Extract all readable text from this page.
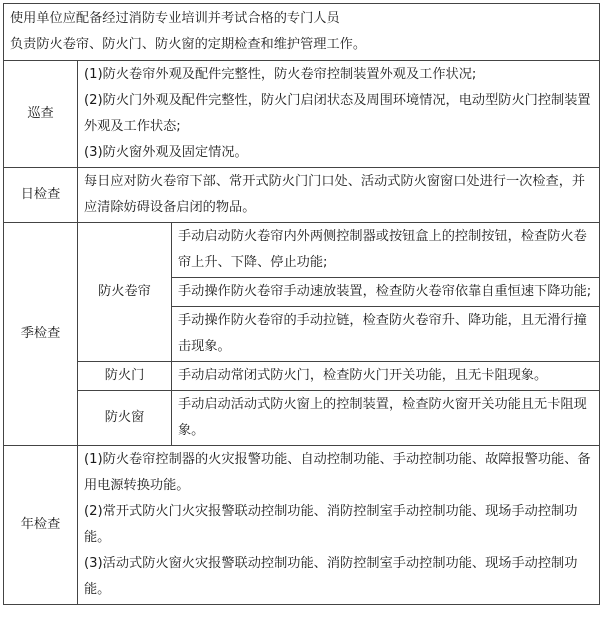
使用单位应配备经过消防专业培训并考试合格的专门人员
负责防火卷帘、防火门、防火窗的定期检查和维护管理工作。		

巡查	(1)防火卷帘外观及配件完整性，防火卷帘控制装置外观及工作状况;
(2)防火门外观及配件完整性，防火门启闭状态及周围环境情况，电动型防火门控制装置外观及工作状态;
(3)防火窗外观及固定情况。	

日检查	每日应对防火卷帘下部、常开式防火门门口处、活动式防火窗窗口处进行一次检查，并应清除妨碍设备启闭的物品。	
季检查	防火卷帘	手动启动防火卷帘内外两侧控制器或按钮盒上的控制按钮，检查防火卷帘上升、下降、停止功能;
		手动操作防火卷帘手动速放装置，检查防火卷帘依靠自重恒速下降功能;
		手动操作防火卷帘的手动拉链，检查防火卷帘升、降功能，且无滑行撞击现象。
	防火门	手动启动常闭式防火门，检查防火门开关功能，且无卡阻现象。
	防火窗	手动启动活动式防火窗上的控制装置，检查防火窗开关功能且无卡阻现象。
年检查	(1)防火卷帘控制器的火灾报警功能、自动控制功能、手动控制功能、故障报警功能、备用电源转换功能。
(2)常开式防火门火灾报警联动控制功能、消防控制室手动控制功能、现场手动控制功能。
(3)活动式防火窗火灾报警联动控制功能、消防控制室手动控制功能、现场手动控制功能。	
